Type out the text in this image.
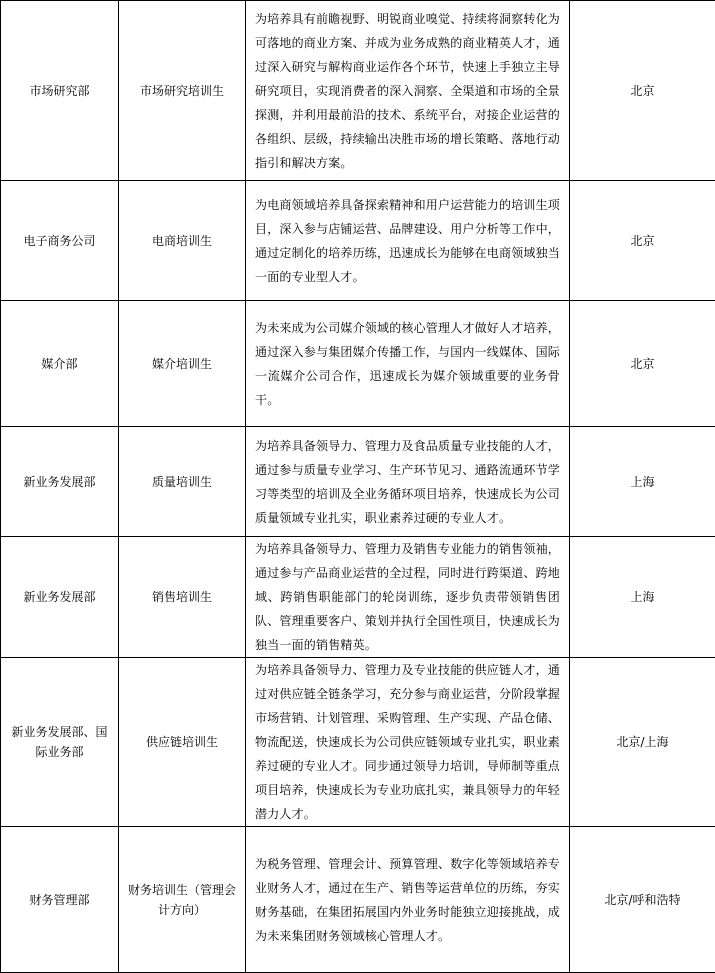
市场研究部	市场研究培训生	为培养具有前瞻视野、明锐商业嗅觉、持续将洞察转化为可落地的商业方案、并成为业务成熟的商业精英人才，通过深入研究与解构商业运作各个环节，快速上手独立主导研究项目，实现消费者的深入洞察、全渠道和市场的全景探测，并利用最前沿的技术、系统平台，对接企业运营的各组织、层级，持续输出决胜市场的增长策略、落地行动指引和解决方案。	北京
电子商务公司	电商培训生	为电商领域培养具备探索精神和用户运营能力的培训生项目，深入参与店铺运营、品牌建设、用户分析等工作中，通过定制化的培养历练，迅速成长为能够在电商领域独当一面的专业型人才。	北京
媒介部	媒介培训生	为未来成为公司媒介领域的核心管理人才做好人才培养，通过深入参与集团媒介传播工作，与国内一线媒体、国际一流媒介公司合作，迅速成长为媒介领域重要的业务骨干。	北京
新业务发展部	质量培训生	为培养具备领导力、管理力及食品质量专业技能的人才，通过参与质量专业学习、生产环节见习、通路流通环节学习等类型的培训及全业务循环项目培养，快速成长为公司质量领域专业扎实，职业素养过硬的专业人才。	上海
新业务发展部	销售培训生	为培养具备领导力、管理力及销售专业能力的销售领袖，通过参与产品商业运营的全过程，同时进行跨渠道、跨地域、跨销售职能部门的轮岗训练，逐步负责带领销售团队、管理重要客户、策划并执行全国性项目，快速成长为独当一面的销售精英。	上海
新业务发展部、国际业务部	供应链培训生	为培养具备领导力、管理力及专业技能的供应链人才，通过对供应链全链条学习，充分参与商业运营，分阶段掌握市场营销、计划管理、采购管理、生产实现、产品仓储、物流配送，快速成长为公司供应链领域专业扎实，职业素养过硬的专业人才。同步通过领导力培训，导师制等重点项目培养，快速成长为专业功底扎实，兼具领导力的年轻潜力人才。	北京/上海
财务管理部	财务培训生（管理会计方向）	为税务管理、管理会计、预算管理、数字化等领域培养专业财务人才，通过在生产、销售等运营单位的历练，夯实财务基础，在集团拓展国内外业务时能独立迎接挑战，成为未来集团财务领域核心管理人才。	北京/呼和浩特
